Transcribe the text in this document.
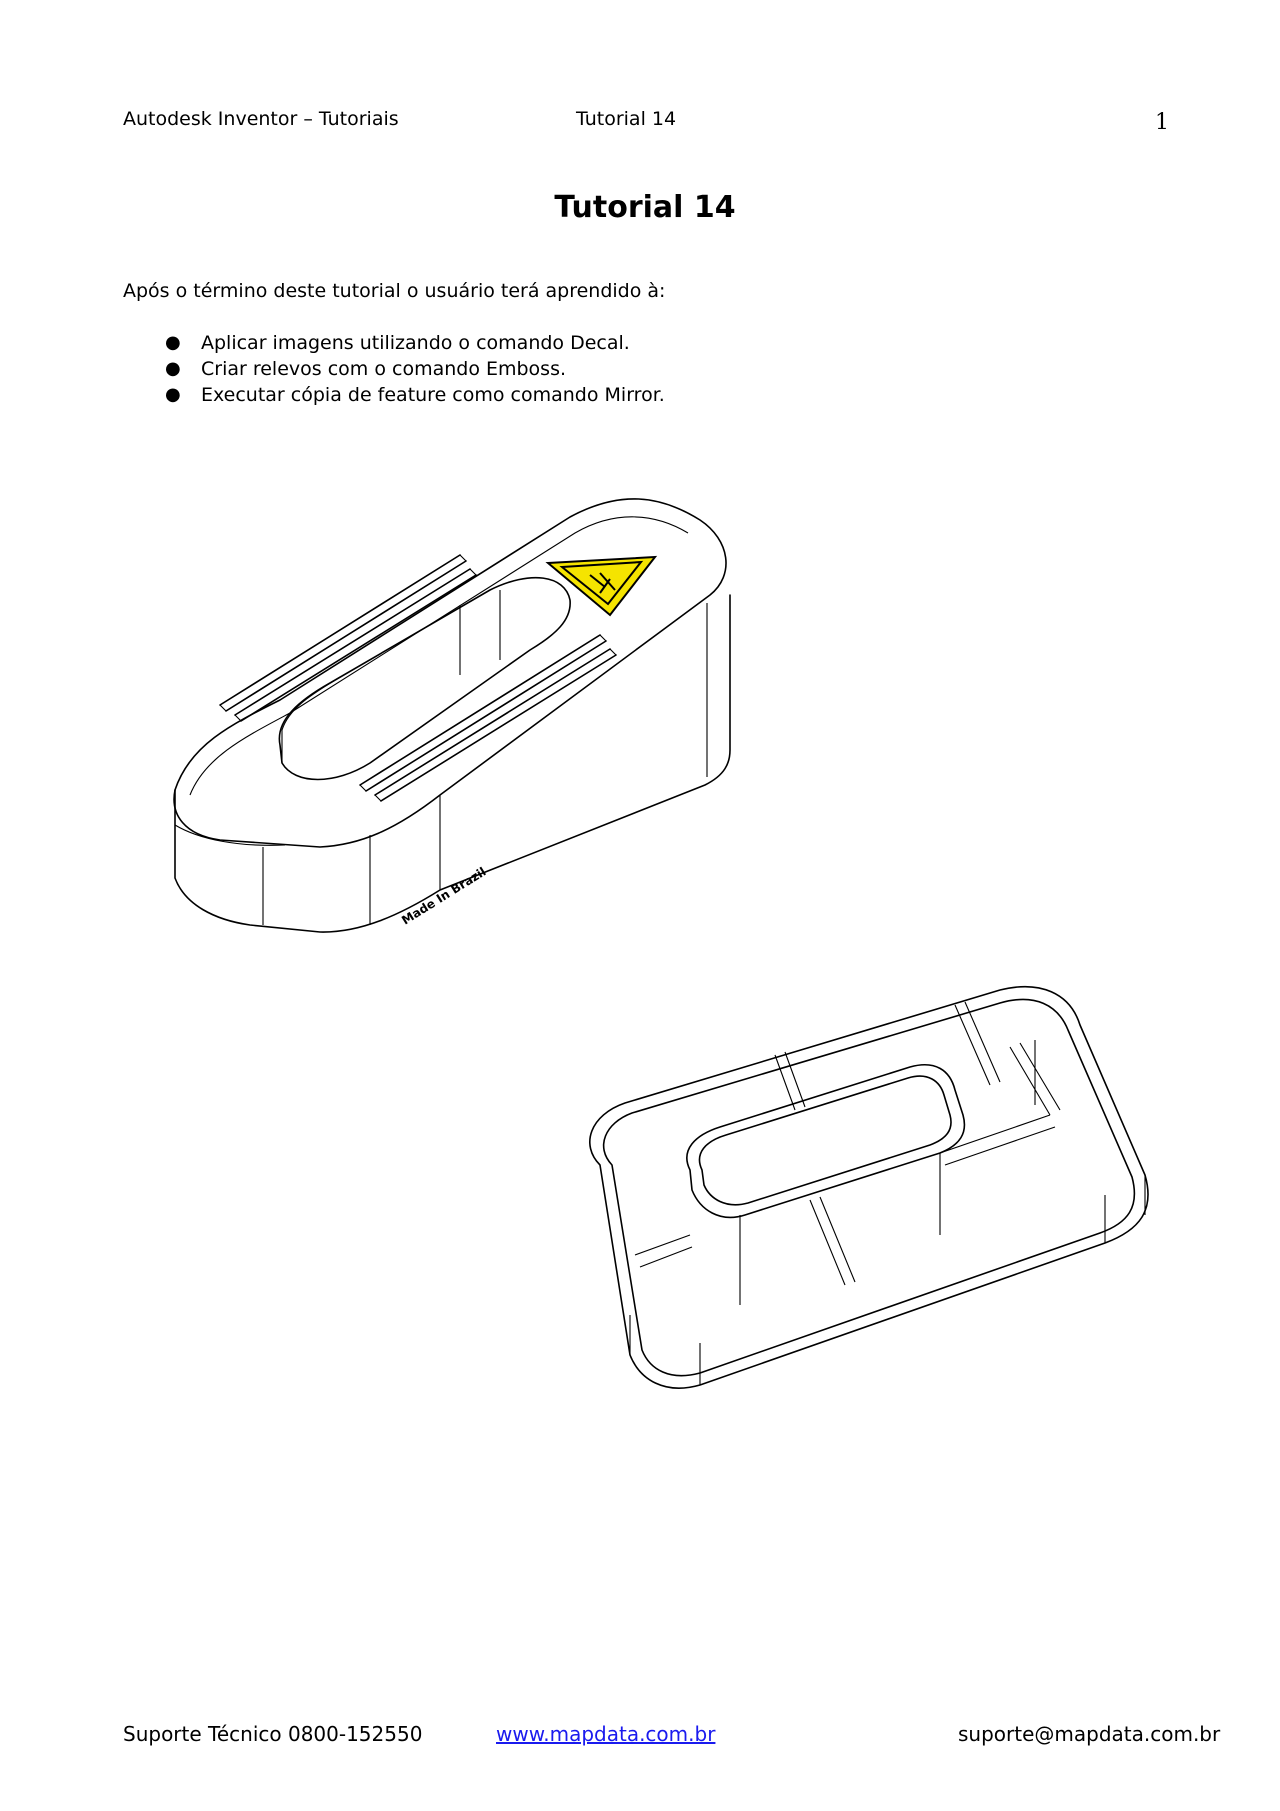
Autodesk Inventor – Tutoriais	Tutorial 14	1
Tutorial 14
Após o término deste tutorial o usuário terá aprendido à:
● Aplicar imagens utilizando o comando Decal.
● Criar relevos com o comando Emboss.
● Executar cópia de feature como comando Mirror.
Made In Brazil
Suporte Técnico 0800-152550	www.mapdata.com.br	suporte@mapdata.com.br
